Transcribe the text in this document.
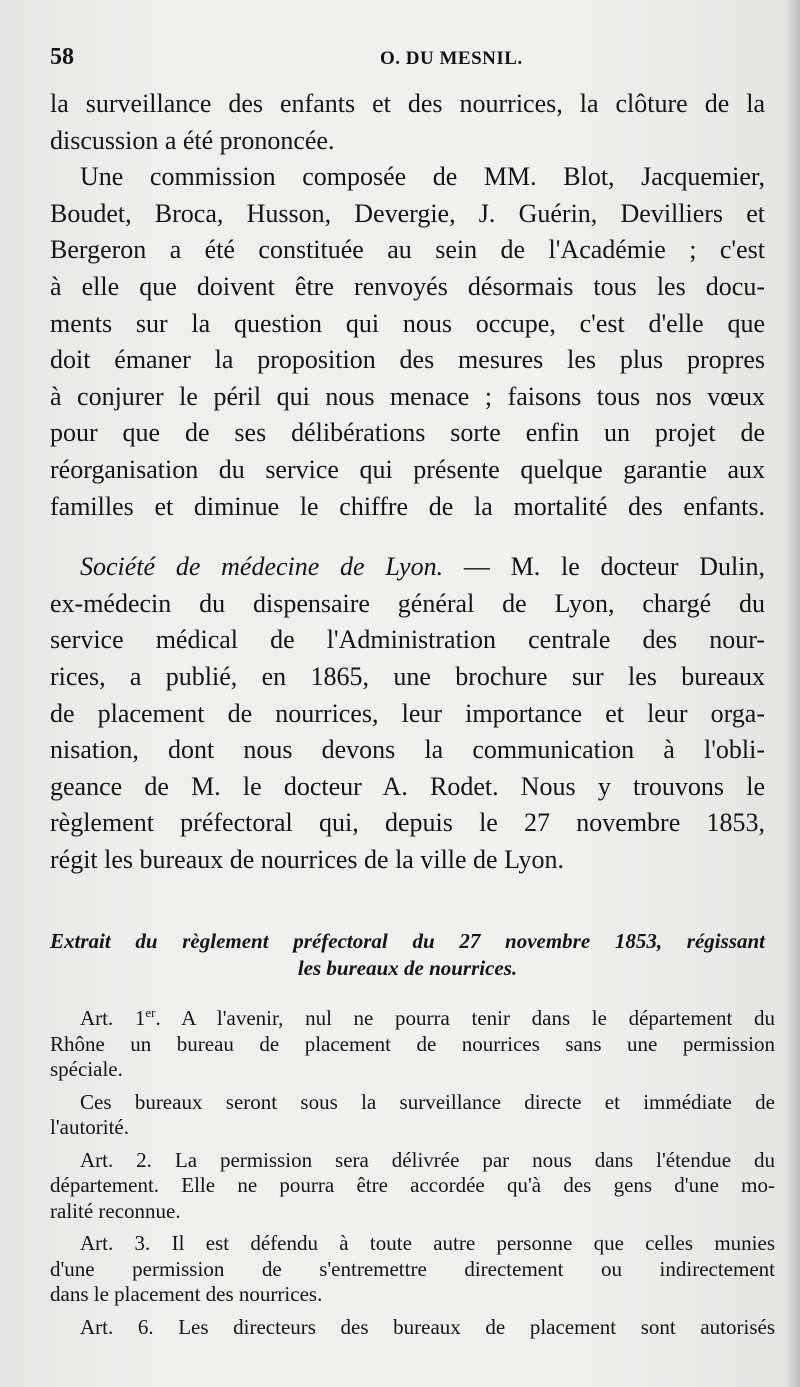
58	O. DU MESNIL.
la surveillance des enfants et des nourrices, la clôture de la
discussion a été prononcée.
Une commission composée de MM. Blot, Jacquemier,
Boudet, Broca, Husson, Devergie, J. Guérin, Devilliers et
Bergeron a été constituée au sein de l'Académie ; c'est
à elle que doivent être renvoyés désormais tous les docu-
ments sur la question qui nous occupe, c'est d'elle que
doit émaner la proposition des mesures les plus propres
à conjurer le péril qui nous menace ; faisons tous nos vœux
pour que de ses délibérations sorte enfin un projet de
réorganisation du service qui présente quelque garantie aux
familles et diminue le chiffre de la mortalité des enfants.
Société de médecine de Lyon. — M. le docteur Dulin,
ex-médecin du dispensaire général de Lyon, chargé du
service médical de l'Administration centrale des nour-
rices, a publié, en 1865, une brochure sur les bureaux
de placement de nourrices, leur importance et leur orga-
nisation, dont nous devons la communication à l'obli-
geance de M. le docteur A. Rodet. Nous y trouvons le
règlement préfectoral qui, depuis le 27 novembre 1853,
régit les bureaux de nourrices de la ville de Lyon.
Extrait du règlement préfectoral du 27 novembre 1853, régissant
les bureaux de nourrices.
Art. 1er. A l'avenir, nul ne pourra tenir dans le département du
Rhône un bureau de placement de nourrices sans une permission
spéciale.
Ces bureaux seront sous la surveillance directe et immédiate de
l'autorité.
Art. 2. La permission sera délivrée par nous dans l'étendue du
département. Elle ne pourra être accordée qu'à des gens d'une mo-
ralité reconnue.
Art. 3. Il est défendu à toute autre personne que celles munies
d'une permission de s'entremettre directement ou indirectement
dans le placement des nourrices.
Art. 6. Les directeurs des bureaux de placement sont autorisés
